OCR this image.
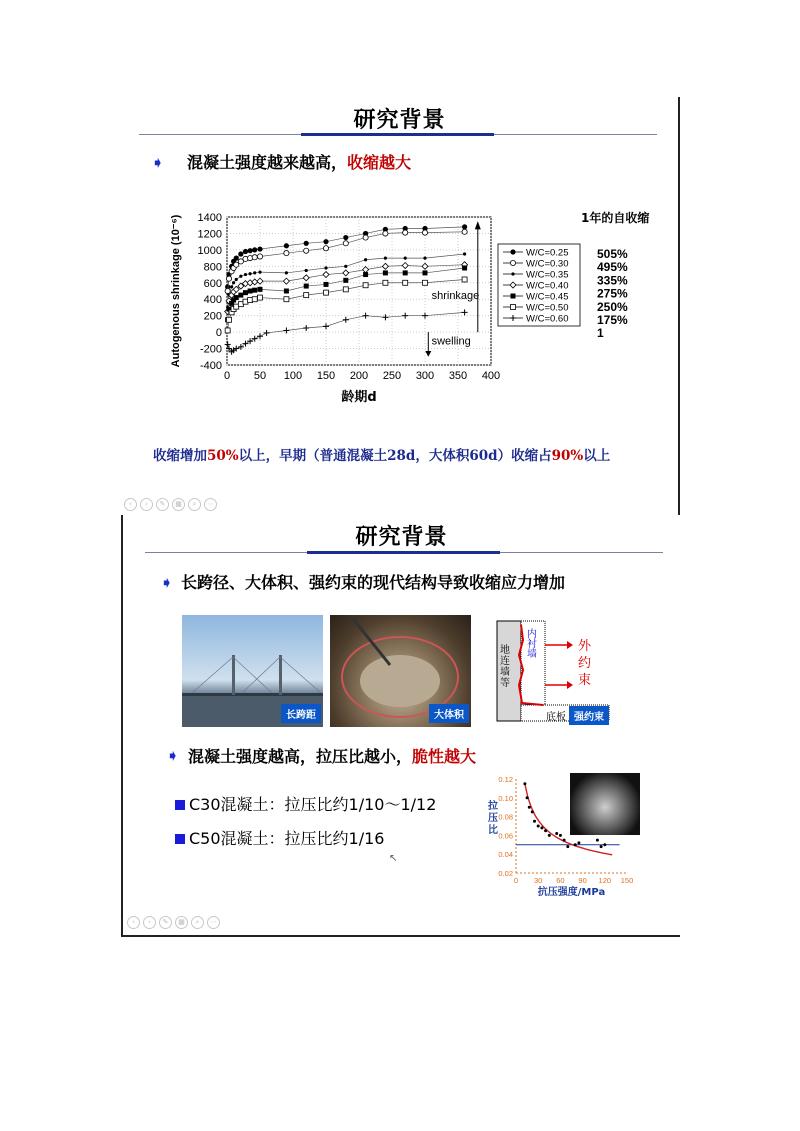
研究背景
➧ 混凝土强度越来越高，收缩越大
-400
-200
0
200
400
600
800
1000
1200
1400
0 50 100 150 200 250 300 350 400
龄期d
Autogenous shrinkage (10⁻⁶)	shrinkage
swelling
W/C=0.25
W/C=0.30
W/C=0.35
W/C=0.40
W/C=0.45
W/C=0.50
W/C=0.60
1年的自收缩
505%
495%
335%
275%
250%
175%
1
收缩增加50%以上，早期（普通混凝土28d，大体积60d）收缩占90%以上
‹	›	✎	▦	⌕	⋯
研究背景
➧ 长跨径、大体积、强约束的现代结构导致收缩应力增加
长跨距	大体积
地连墙等
内衬墙
外约束
底板 强约束
➧ 混凝土强度越高，拉压比越小，脆性越大
C30混凝土：拉压比约1/10～1/12
C50混凝土：拉压比约1/16
0.02
0.04
0.06
0.08
0.10
0.12
0 30 60 90 120 150
抗压强度/MPa
拉压比
↖
‹	›	✎	▦	⌕	⋯
